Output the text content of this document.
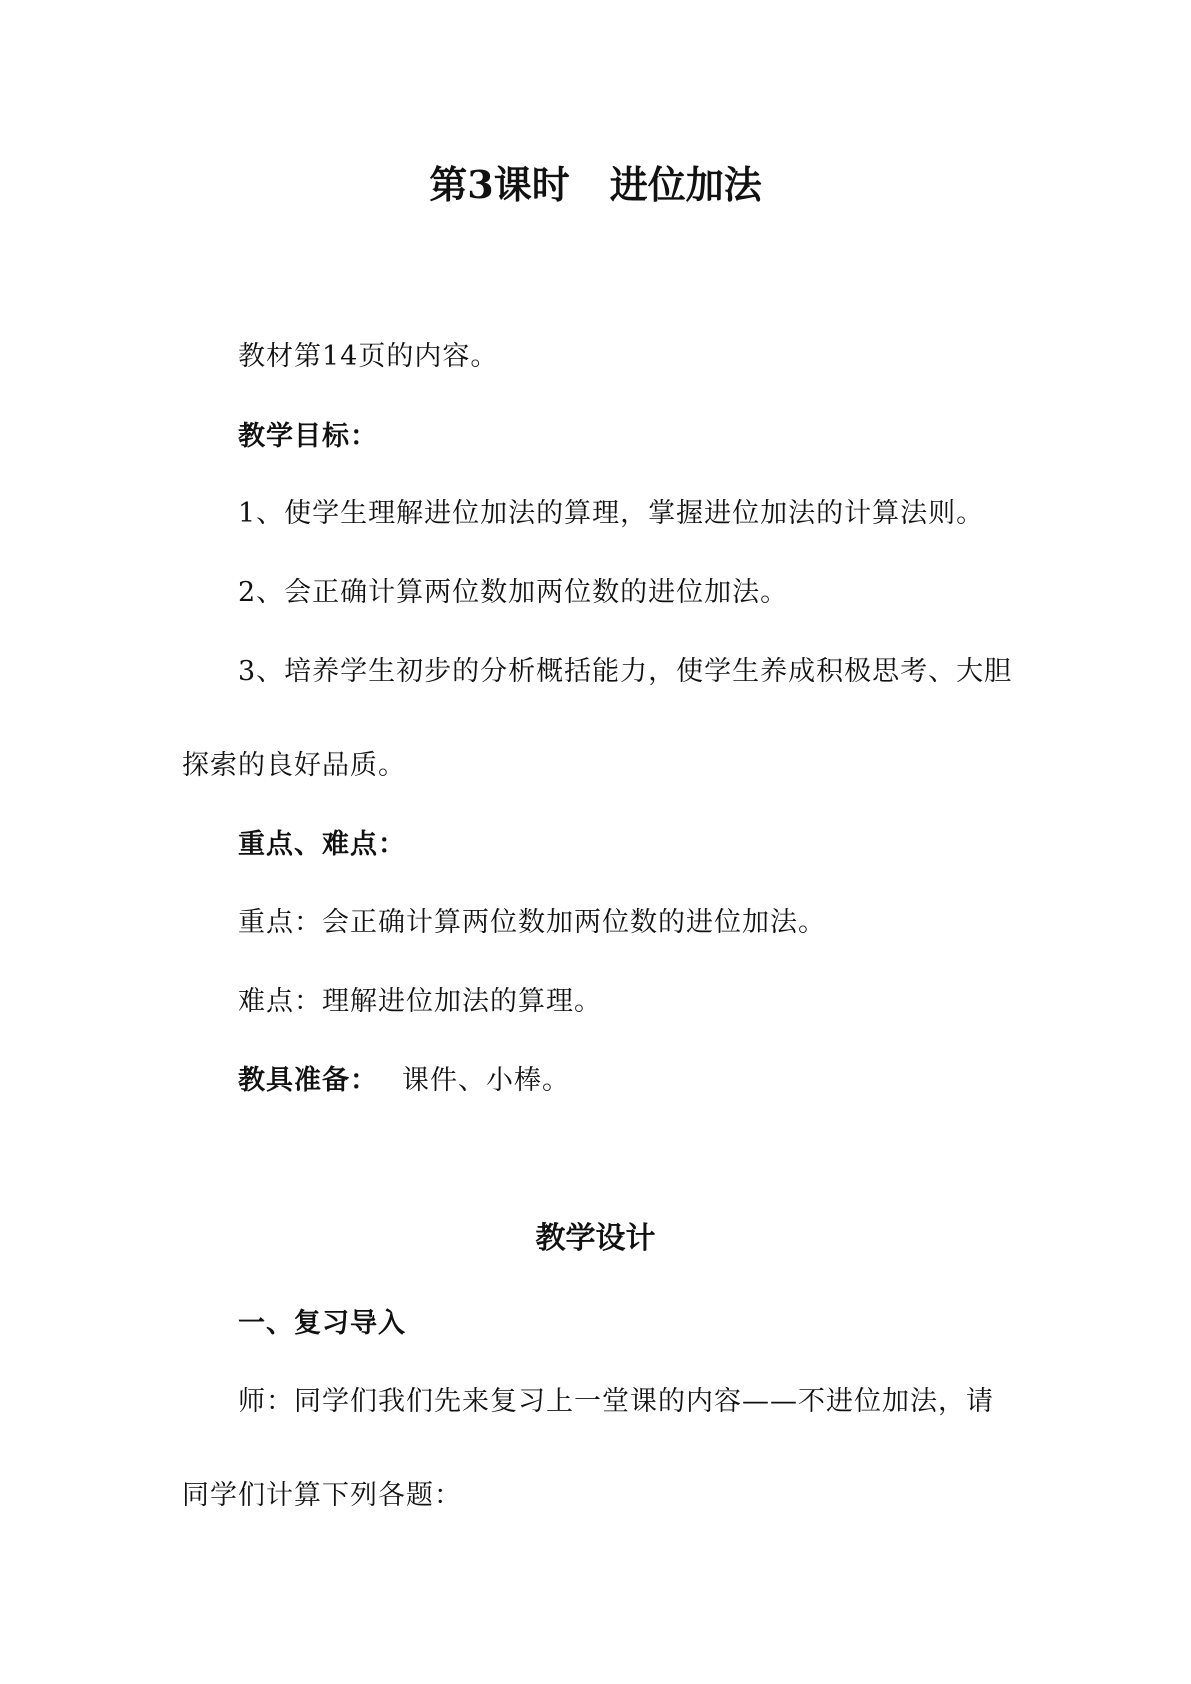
第3课时 进位加法
教材第14页的内容。
教学目标：
1、使学生理解进位加法的算理，掌握进位加法的计算法则。
2、会正确计算两位数加两位数的进位加法。
3、培养学生初步的分析概括能力，使学生养成积极思考、大胆
探索的良好品质。
重点、难点：
重点：会正确计算两位数加两位数的进位加法。
难点：理解进位加法的算理。
教具准备： 课件、小棒。
教学设计
一、复习导入
师：同学们我们先来复习上一堂课的内容——不进位加法，请
同学们计算下列各题：
